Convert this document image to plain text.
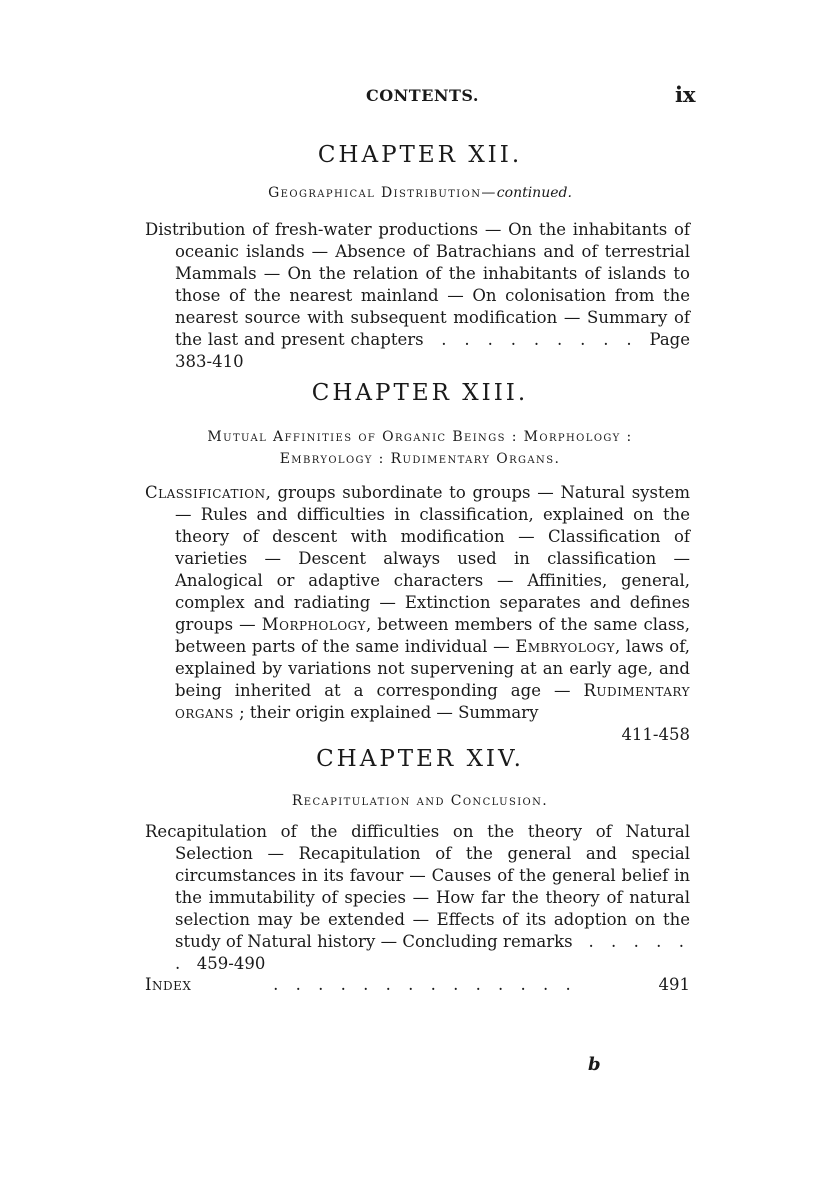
CONTENTS.	ix
CHAPTER XII.
Geographical Distribution—continued.

Distribution of fresh-water productions — On the inhabitants of oceanic islands — Absence of Batrachians and of terrestrial Mammals — On the relation of the inhabitants of islands to those of the nearest mainland — On colonisation from the nearest source with subsequent modification — Summary of the last and present chapters . . . . . . . . . Page 383-410

CHAPTER XIII.
Mutual Affinities of Organic Beings : Morphology :
Embryology : Rudimentary Organs.

Classification, groups subordinate to groups — Natural system — Rules and difficulties in classification, explained on the theory of descent with modification — Classification of varieties — Descent always used in classification — Analogical or adaptive characters — Affinities, general, complex and radiating — Extinction separates and defines groups — Morphology, between members of the same class, between parts of the same individual — Embryology, laws of, explained by variations not supervening at an early age, and being inherited at a corresponding age — Rudimentary organs ; their origin explained — Summary
411-458

CHAPTER XIV.
Recapitulation and Conclusion.

Recapitulation of the difficulties on the theory of Natural Selection — Recapitulation of the general and special circumstances in its favour — Causes of the general belief in the immutability of species — How far the theory of natural selection may be extended — Effects of its adoption on the study of Natural history — Concluding remarks . . . . . . 459-490

Index	. . . . . . . . . . . . . .	491
b
